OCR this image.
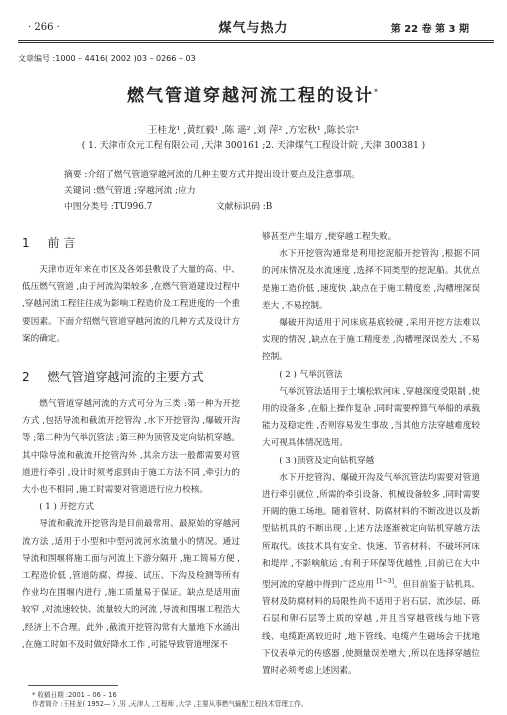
· 266 ·	煤气与热力	第 22 卷 第 3 期
文章编号 :1000 – 4416( 2002 )03 – 0266 – 03
燃气管道穿越河流工程的设计*
王桂龙¹ ,黄红毅¹ ,陈 遥² ,刘 萍² ,方宏秋¹ ,陈长宗¹
( 1. 天津市众元工程有限公司 ,天津 300161 ;2. 天津煤气工程设计院 ,天津 300381 )
摘要 :介绍了燃气管道穿越河流的几种主要方式并提出设计要点及注意事项。
关键词 :燃气管道 ;穿越河流 ;应力
中图分类号 :TU996.7	文献标识码 :B
1 前 言

天津市近年来在市区及各郊县敷设了大量的高、中、低压燃气管道 ,由于河流沟渠较多 ,在燃气管道建设过程中 ,穿越河流工程往往成为影响工程造价及工程进度的一个重要因素。下面介绍燃气管道穿越河流的几种方式及设计方案的确定。

2 燃气管道穿越河流的主要方式

燃气管道穿越河流的方式可分为三类 :第一种为开挖方式 ,包括导流和截流开挖管沟 ,水下开挖管沟 ,爆破开沟等 ;第二种为气举沉管法 ;第三种为顶管及定向钻机穿越。其中除导流和截流开挖管沟外 ,其余方法一般都需要对管道进行牵引 ,设计时须考虑到由于施工方法不同 ,牵引力的大小也不相同 ,施工时需要对管道进行应力校核。

( 1 ) 开挖方式

导流和截流开挖管沟是目前最常用、最原始的穿越河流方法 ,适用于小型和中型河流河水流量小的情况。通过导流和围堰将施工面与河流上下游分隔开 ,施工简易方便 ,工程造价低 ,管道防腐、焊接、试压、下沟及检测等所有作业均在围堰内进行 ,施工质量易于保证。缺点是适用面较窄 ,对流速较快、流量较大的河流 ,导流和围堰工程浩大 ,经济上不合理。此外 ,截流开挖管沟常有大量地下水涌出 ,在施工时如不及时做好降水工作 ,可能导致管道埋深不

够甚至产生塌方 ,使穿越工程失败。

水下开挖管沟通常是利用挖泥船开挖管沟 ,根据不同的河床情况及水流速度 ,选择不同类型的挖泥船。其优点是施工造价低 ,速度快 ,缺点在于施工精度差 ,沟槽埋深误差大 ,不易控制。

爆破开沟适用于河床底基底较硬 ,采用开挖方法难以实现的情况 ,缺点在于施工精度差 ,沟槽埋深误差大 ,不易控制。

( 2 ) 气举沉管法

气举沉管法适用于土壤松软河床 ,穿越深度受限制 ,使用的设备多 ,在船上操作复杂 ,同时需要榨算气举船的承载能力及稳定性 ,否则容易发生事故 ,当其他方法穿越难度较大可视具体情况选用。

( 3 )顶管及定向钻机穿越

水下开挖管沟、爆破开沟及气举沉管法均需要对管道进行牵引就位 ,所需的牵引设备、机械设备较多 ,同时需要开阔的施工场地。随着管材、防腐材料的不断改进以及新型钻机具的不断出现 ,上述方法逐渐被定向钻机穿越方法所取代。该技术具有安全、快速、节省材料、不破坏河床和堤岸 ,不影响航运 ,有利于环保等优越性 ,目前已在大中型河流的穿越中得到广泛应用 [1~3]。但目前鉴于钻机具、管材及防腐材料的局限性尚不适用于岩石层、流沙层、砾石层和卵石层等土质的穿越 ,并且当穿越管线与地下管线、电缆距离较近时 ,地下管线、电缆产生磁场会干扰地下仪表单元的传感器 ,使测量误差增大 ,所以在选择穿越位置时必须考虑上述因素。

* 收稿日期 :2001 – 06 – 16
作者简介 :王桂龙( 1952— ) ,男 ,天津人 ,工程师 ,大学 ,主要从事燃气输配工程技术管理工作。
